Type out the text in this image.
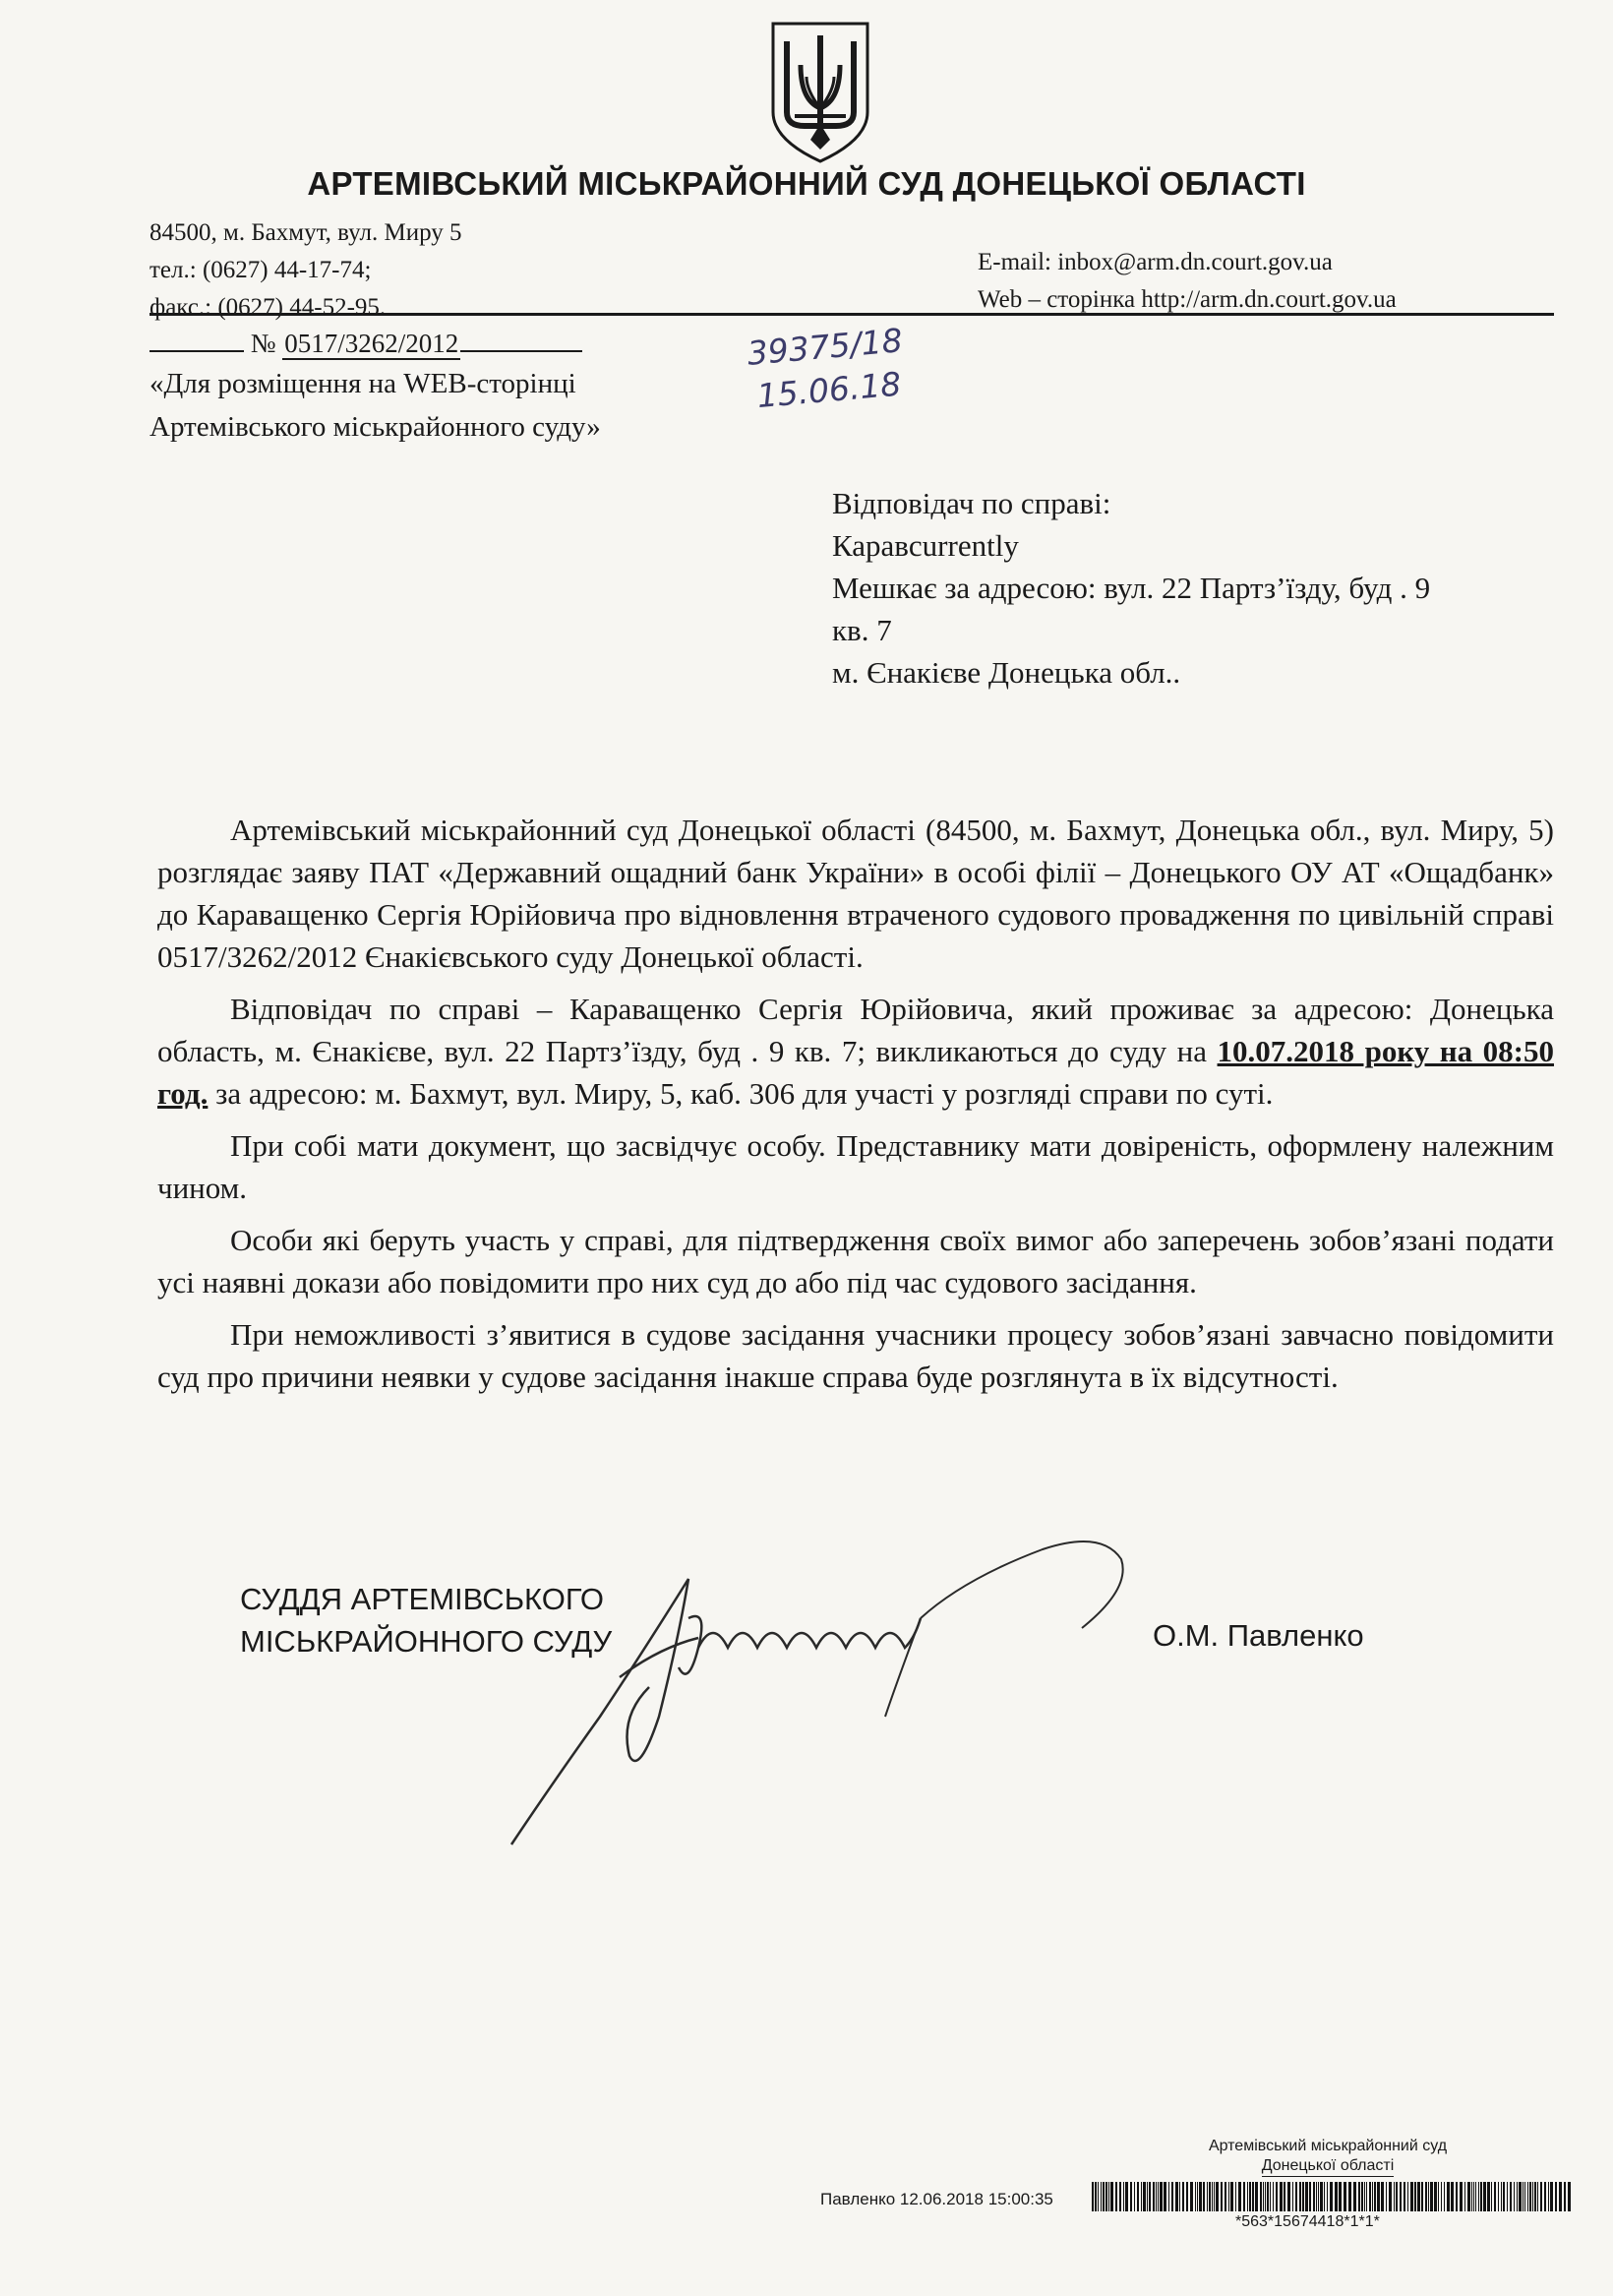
АРТЕМІВСЬКИЙ МІСЬКРАЙОННИЙ СУД ДОНЕЦЬКОЇ ОБЛАСТІ
84500, м. Бахмут, вул. Миру 5
тел.: (0627) 44-17-74;
факс.: (0627) 44-52-95.
E-mail: inbox@arm.dn.court.gov.ua
Web – сторінка http://arm.dn.court.gov.ua
№ 0517/3262/2012
«Для розміщення на WEB-сторінці
Артемівського міськрайонного суду»
39375/18
15.06.18
Відповідач по справі:
Каравcurrently
Мешкає за адресою: вул. 22 Партз’їзду, буд . 9
кв. 7
м. Єнакієве Донецька обл..

Артемівський міськрайонний суд Донецької області (84500, м. Бахмут, Донецька обл., вул. Миру, 5) розглядає заяву ПАТ «Державний ощадний банк України» в особі філії – Донецького ОУ АТ «Ощадбанк» до Каравaщенко Сергія Юрійовича про відновлення втраченого судового провадження по цивільній справі 0517/3262/2012 Єнакієвського суду Донецької області.

Відповідач по справі – Караващенко Сергія Юрійовича, який проживає за адресою: Донецька область, м. Єнакієве, вул. 22 Партз’їзду, буд . 9 кв. 7; викликаються до суду на 10.07.2018 року на 08:50 год. за адресою: м. Бахмут, вул. Миру, 5, каб. 306 для участі у розгляді справи по суті.

При собі мати документ, що засвідчує особу. Представнику мати довіреність, оформлену належним чином.

Особи які беруть участь у справі, для підтвердження своїх вимог або заперечень зобов’язані подати усі наявні докази або повідомити про них суд до або під час судового засідання.

При неможливості з’явитися в судове засідання учасники процесу зобов’язані завчасно повідомити суд про причини неявки у судове засідання інакше справа буде розглянута в їх відсутності.

СУДДЯ АРТЕМІВСЬКОГО
МІСЬКРАЙОННОГО СУДУ	О.М. Павленко
Артемівський міськрайонний суд
Донецької області
Павленко 12.06.2018 15:00:35
*563*15674418*1*1*
